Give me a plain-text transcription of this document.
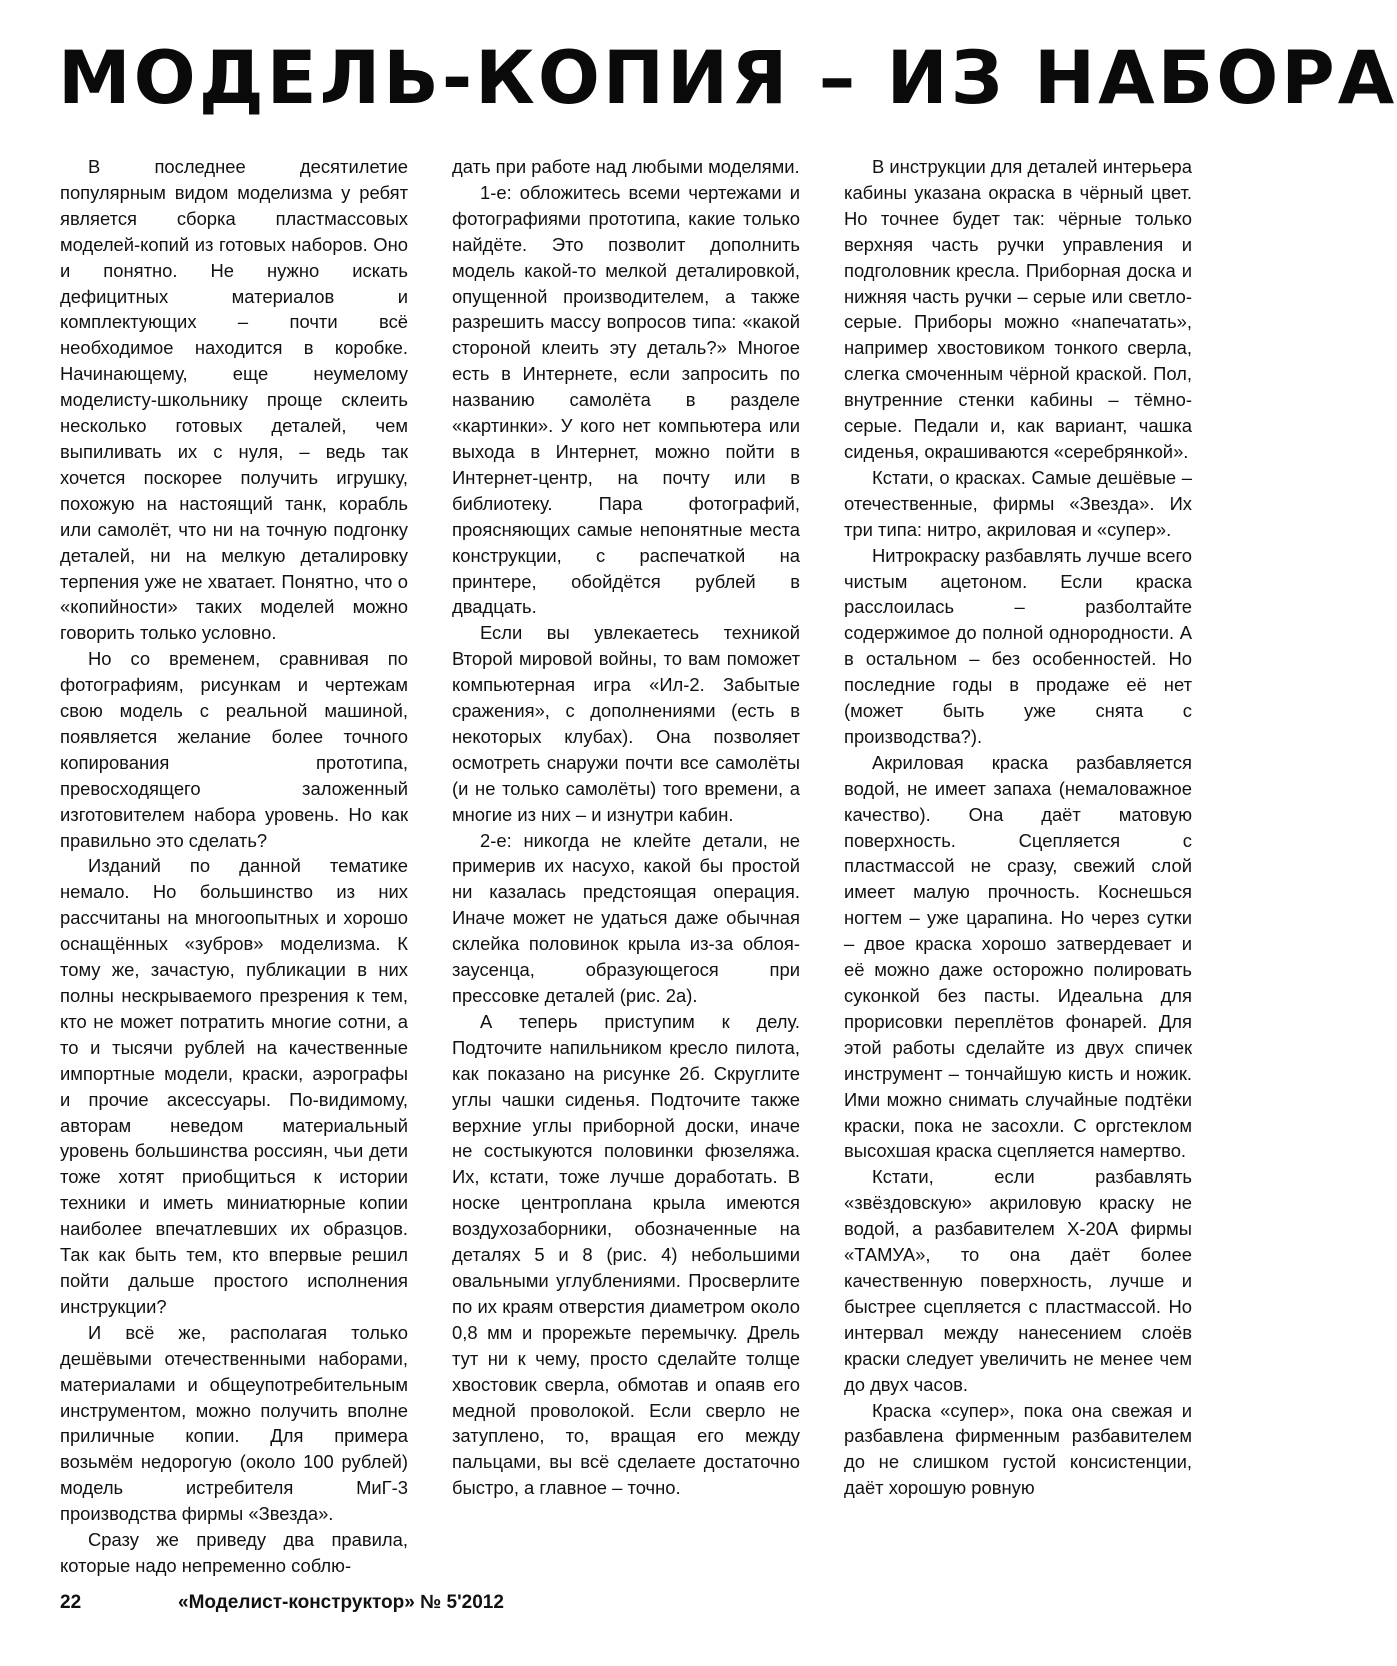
МОДЕЛЬ-КОПИЯ – ИЗ НАБОРА

В последнее десятилетие популярным видом моделизма у ребят является сборка пластмассовых моделей-копий из готовых наборов. Оно и понятно. Не нужно искать дефицитных материалов и комплектующих – почти всё необходимое находится в коробке. Начинающему, еще неумелому моделисту-школьнику проще склеить несколько готовых деталей, чем выпиливать их с нуля, – ведь так хочется поскорее получить игрушку, похожую на настоящий танк, корабль или самолёт, что ни на точную подгонку деталей, ни на мелкую деталировку терпения уже не хватает. Понятно, что о «копийности» таких моделей можно говорить только условно.

Но со временем, сравнивая по фотографиям, рисункам и чертежам свою модель с реальной машиной, появляется желание более точного копирования прототипа, превосходящего заложенный изготовителем набора уровень. Но как правильно это сделать?

Изданий по данной тематике немало. Но большинство из них рассчитаны на многоопытных и хорошо оснащённых «зубров» моделизма. К тому же, зачастую, публикации в них полны нескрываемого презрения к тем, кто не может потратить многие сотни, а то и тысячи рублей на качественные импортные модели, краски, аэрографы и прочие аксессуары. По-видимому, авторам неведом материальный уровень большинства россиян, чьи дети тоже хотят приобщиться к истории техники и иметь миниатюрные копии наиболее впечатлевших их образцов. Так как быть тем, кто впервые решил пойти дальше простого исполнения инструкции?

И всё же, располагая только дешёвыми отечественными наборами, материалами и общеупотребительным инструментом, можно получить вполне приличные копии. Для примера возьмём недорогую (около 100 рублей) модель истребителя МиГ-3 производства фирмы «Звезда».

Сразу же приведу два правила, которые надо непременно соблю-

дать при работе над любыми моделями.

1-е: обложитесь всеми чертежами и фотографиями прототипа, какие только найдёте. Это позволит дополнить модель какой-то мелкой деталировкой, опущенной производителем, а также разрешить массу вопросов типа: «какой стороной клеить эту деталь?» Многое есть в Интернете, если запросить по названию самолёта в разделе «картинки». У кого нет компьютера или выхода в Интернет, можно пойти в Интернет-центр, на почту или в библиотеку. Пара фотографий, проясняющих самые непонятные места конструкции, с распечаткой на принтере, обойдётся рублей в двадцать.

Если вы увлекаетесь техникой Второй мировой войны, то вам поможет компьютерная игра «Ил-2. Забытые сражения», с дополнениями (есть в некоторых клубах). Она позволяет осмотреть снаружи почти все самолёты (и не только самолёты) того времени, а многие из них – и изнутри кабин.

2-е: никогда не клейте детали, не примерив их насухо, какой бы простой ни казалась предстоящая операция. Иначе может не удаться даже обычная склейка половинок крыла из-за облоя-заусенца, образующегося при прессовке деталей (рис. 2а).

А теперь приступим к делу. Подточите напильником кресло пилота, как показано на рисунке 2б. Скруглите углы чашки сиденья. Подточите также верхние углы приборной доски, иначе не состыкуются половинки фюзеляжа. Их, кстати, тоже лучше доработать. В носке центроплана крыла имеются воздухозаборники, обозначенные на деталях 5 и 8 (рис. 4) небольшими овальными углублениями. Просверлите по их краям отверстия диаметром около 0,8 мм и прорежьте перемычку. Дрель тут ни к чему, просто сделайте толще хвостовик сверла, обмотав и опаяв его медной проволокой. Если сверло не затуплено, то, вращая его между пальцами, вы всё сделаете достаточно быстро, а главное – точно.

В инструкции для деталей интерьера кабины указана окраска в чёрный цвет. Но точнее будет так: чёрные только верхняя часть ручки управления и подголовник кресла. Приборная доска и нижняя часть ручки – серые или светло-серые. Приборы можно «напечатать», например хвостовиком тонкого сверла, слегка смоченным чёрной краской. Пол, внутренние стенки кабины – тёмно-серые. Педали и, как вариант, чашка сиденья, окрашиваются «серебрянкой».

Кстати, о красках. Самые дешёвые – отечественные, фирмы «Звезда». Их три типа: нитро, акриловая и «супер».

Нитрокраску разбавлять лучше всего чистым ацетоном. Если краска расслоилась – разболтайте содержимое до полной однородности. А в остальном – без особенностей. Но последние годы в продаже её нет (может быть уже снята с производства?).

Акриловая краска разбавляется водой, не имеет запаха (немаловажное качество). Она даёт матовую поверхность. Сцепляется с пластмассой не сразу, свежий слой имеет малую прочность. Коснешься ногтем – уже царапина. Но через сутки – двое краска хорошо затвердевает и её можно даже осторожно полировать суконкой без пасты. Идеальна для прорисовки переплётов фонарей. Для этой работы сделайте из двух спичек инструмент – тончайшую кисть и ножик. Ими можно снимать случайные подтёки краски, пока не засохли. С оргстеклом высохшая краска сцепляется намертво.

Кстати, если разбавлять «звёздовскую» акриловую краску не водой, а разбавителем Х-20А фирмы «ТАМУА», то она даёт более качественную поверхность, лучше и быстрее сцепляется с пластмассой. Но интервал между нанесением слоёв краски следует увеличить не менее чем до двух часов.

Краска «супер», пока она свежая и разбавлена фирменным разбавителем до не слишком густой консистенции, даёт хорошую ровную

22	«Моделист-конструктор» № 5'2012
